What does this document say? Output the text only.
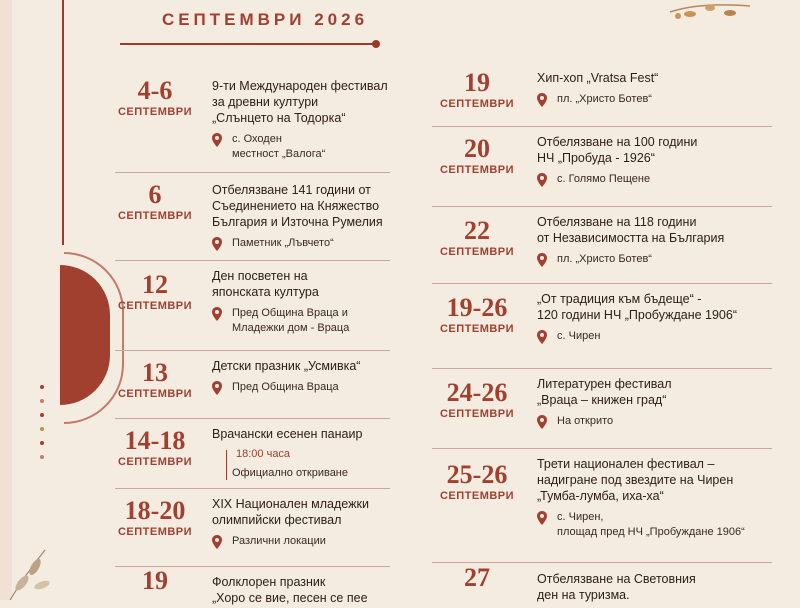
СЕПТЕМВРИ 2026
4-6
СЕПТЕМВРИ
9-ти Международен фестивал
за древни култури
„Слънцето на Тодорка“
с. Оходен
местност „Валога“
6
СЕПТЕМВРИ
Отбелязване 141 години от
Съединението на Княжество
България и Източна Румелия
Паметник „Лъвчето“
12
СЕПТЕМВРИ
Ден посветен на
японската култура
Пред Община Враца и
Младежки дом - Враца
13
СЕПТЕМВРИ
Детски празник „Усмивка“
Пред Община Враца
14-18
СЕПТЕМВРИ
Врачански есенен панаир
18:00 часа
Официално откриване
18-20
СЕПТЕМВРИ
XIX Национален младежки
олимпийски фестивал
Различни локации
19	Фолклорен празник
„Хоро се вие, песен се пее
19
СЕПТЕМВРИ
Хип-хоп „Vratsa Fest“
пл. „Христо Ботев“
20
СЕПТЕМВРИ
Отбелязване на 100 години
НЧ „Пробуда - 1926“
с. Голямо Пещене
22
СЕПТЕМВРИ
Отбелязване на 118 години
от Независимостта на България
пл. „Христо Ботев“
19-26
СЕПТЕМВРИ
„От традиция към бъдеще“ -
120 години НЧ „Пробуждане 1906“
с. Чирен
24-26
СЕПТЕМВРИ
Литературен фестивал
„Враца – книжен град“
На открито
25-26
СЕПТЕМВРИ
Трети национален фестивал –
надигране под звездите на Чирен
„Тумба-лумба, иха-ха“
с. Чирен,
площад пред НЧ „Пробуждане 1906“
27	Отбелязване на Световния
ден на туризма.
